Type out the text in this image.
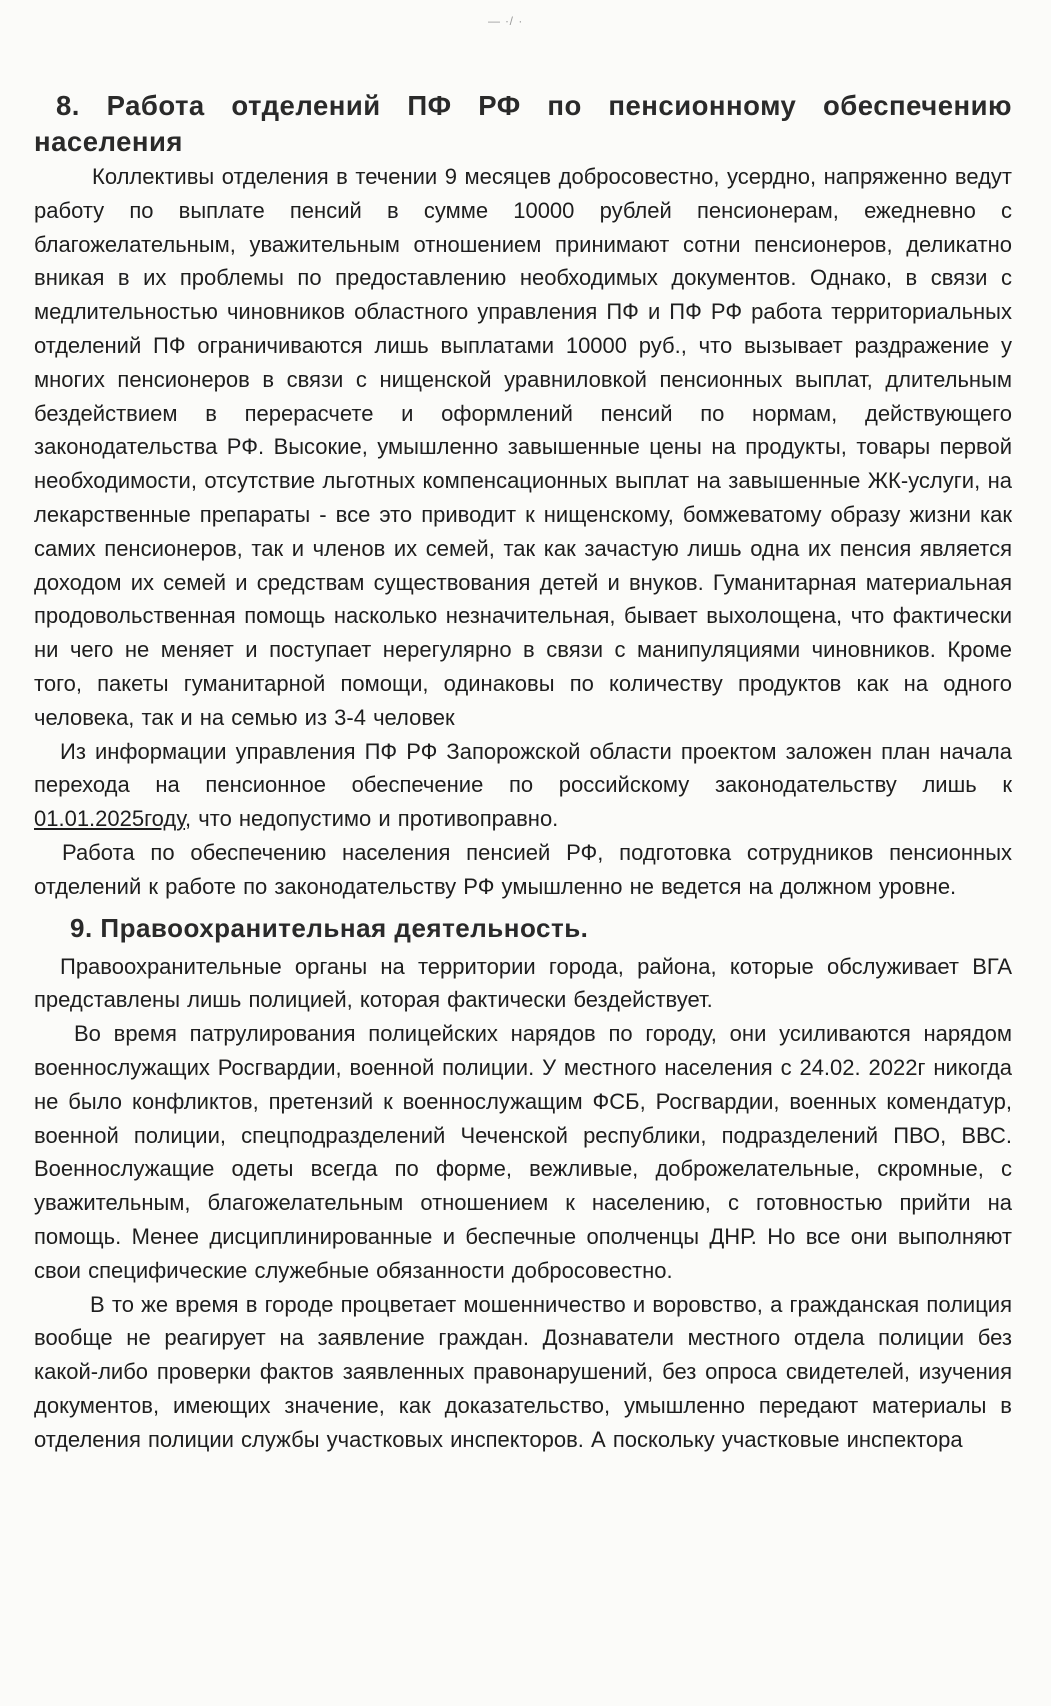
— ∙/ ·
8. Работа отделений ПФ РФ по пенсионному обеспечению населения

Коллективы отделения в течении 9 месяцев добросовестно, усердно, напряженно ведут работу по выплате пенсий в сумме 10000 рублей пенсионерам, ежедневно с благожелательным, уважительным отношением принимают сотни пенсионеров, деликатно вникая в их проблемы по предоставлению необходимых документов. Однако, в связи с медлительностью чиновников областного управления ПФ и ПФ РФ работа территориальных отделений ПФ ограничиваются лишь выплатами 10000 руб., что вызывает раздражение у многих пенсионеров в связи с нищенской уравниловкой пенсионных выплат, длительным бездействием в перерасчете и оформлений пенсий по нормам, действующего законодательства РФ. Высокие, умышленно завышенные цены на продукты, товары первой необходимости, отсутствие льготных компенсационных выплат на завышенные ЖК-услуги, на лекарственные препараты - все это приводит к нищенскому, бомжеватому образу жизни как самих пенсионеров, так и членов их семей, так как зачастую лишь одна их пенсия является доходом их семей и средствам существования детей и внуков. Гуманитарная материальная продовольственная помощь насколько незначительная, бывает выхолощена, что фактически ни чего не меняет и поступает нерегулярно в связи с манипуляциями чиновников. Кроме того, пакеты гуманитарной помощи, одинаковы по количеству продуктов как на одного человека, так и на семью из 3-4 человек

Из информации управления ПФ РФ Запорожской области проектом заложен план начала перехода на пенсионное обеспечение по российскому законодательству лишь к 01.01.2025году, что недопустимо и противоправно.

Работа по обеспечению населения пенсией РФ, подготовка сотрудников пенсионных отделений к работе по законодательству РФ умышленно не ведется на должном уровне.

9. Правоохранительная деятельность.

Правоохранительные органы на территории города, района, которые обслуживает ВГА представлены лишь полицией, которая фактически бездействует.

Во время патрулирования полицейских нарядов по городу, они усиливаются нарядом военнослужащих Росгвардии, военной полиции. У местного населения с 24.02. 2022г никогда не было конфликтов, претензий к военнослужащим ФСБ, Росгвардии, военных комендатур, военной полиции, спецподразделений Чеченской республики, подразделений ПВО, ВВС. Военнослужащие одеты всегда по форме, вежливые, доброжелательные, скромные, с уважительным, благожелательным отношением к населению, с готовностью прийти на помощь. Менее дисциплинированные и беспечные ополченцы ДНР. Но все они выполняют свои специфические служебные обязанности добросовестно.

В то же время в городе процветает мошенничество и воровство, а гражданская полиция вообще не реагирует на заявление граждан. Дознаватели местного отдела полиции без какой-либо проверки фактов заявленных правонарушений, без опроса свидетелей, изучения документов, имеющих значение, как доказательство, умышленно передают материалы в отделения полиции службы участковых инспекторов. А поскольку участковые инспектора
